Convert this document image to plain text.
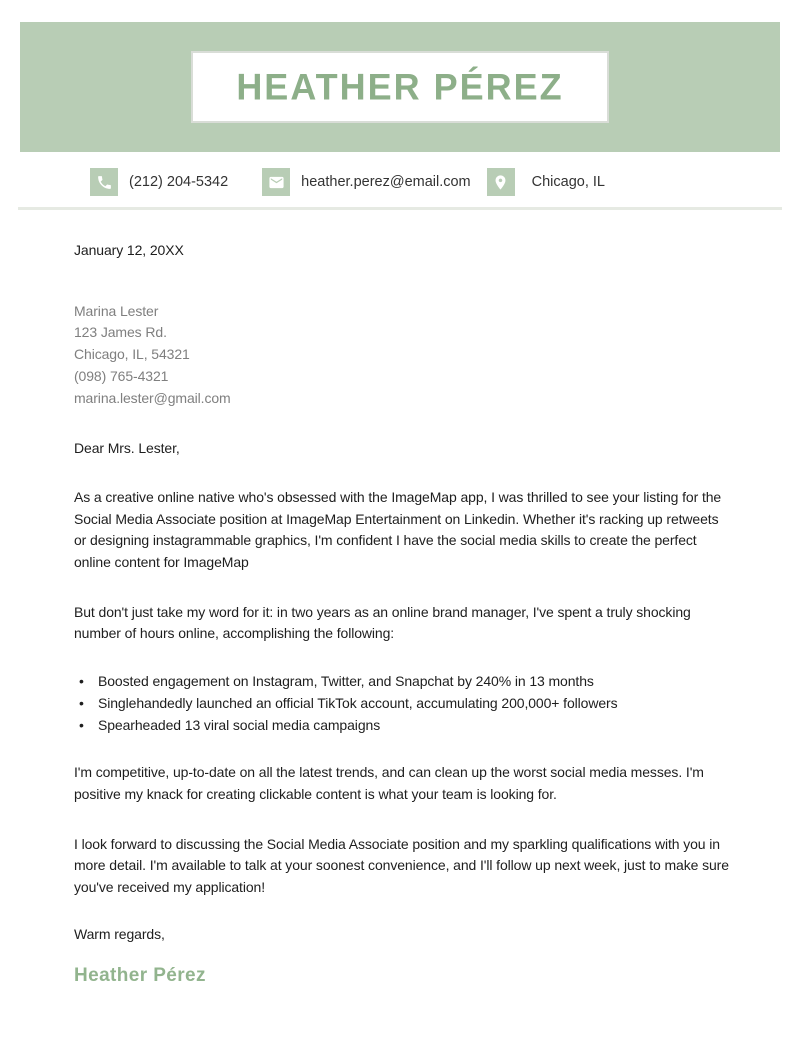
HEATHER PÉREZ
(212) 204-5342	heather.perez@email.com	Chicago, IL

January 12, 20XX

Marina Lester
123 James Rd.
Chicago, IL, 54321
(098) 765-4321
marina.lester@gmail.com

Dear Mrs. Lester,

As a creative online native who's obsessed with the ImageMap app, I was thrilled to see your listing for the Social Media Associate position at ImageMap Entertainment on Linkedin. Whether it's racking up retweets or designing instagrammable graphics, I'm confident I have the social media skills to create the perfect online content for ImageMap

But don't just take my word for it: in two years as an online brand manager, I've spent a truly shocking number of hours online, accomplishing the following:

•	Boosted engagement on Instagram, Twitter, and Snapchat by 240% in 13 months
•	Singlehandedly launched an official TikTok account, accumulating 200,000+ followers
•	Spearheaded 13 viral social media campaigns

I'm competitive, up-to-date on all the latest trends, and can clean up the worst social media messes. I'm positive my knack for creating clickable content is what your team is looking for.

I look forward to discussing the Social Media Associate position and my sparkling qualifications with you in more detail. I'm available to talk at your soonest convenience, and I'll follow up next week, just to make sure you've received my application!

Warm regards,

Heather Pérez
